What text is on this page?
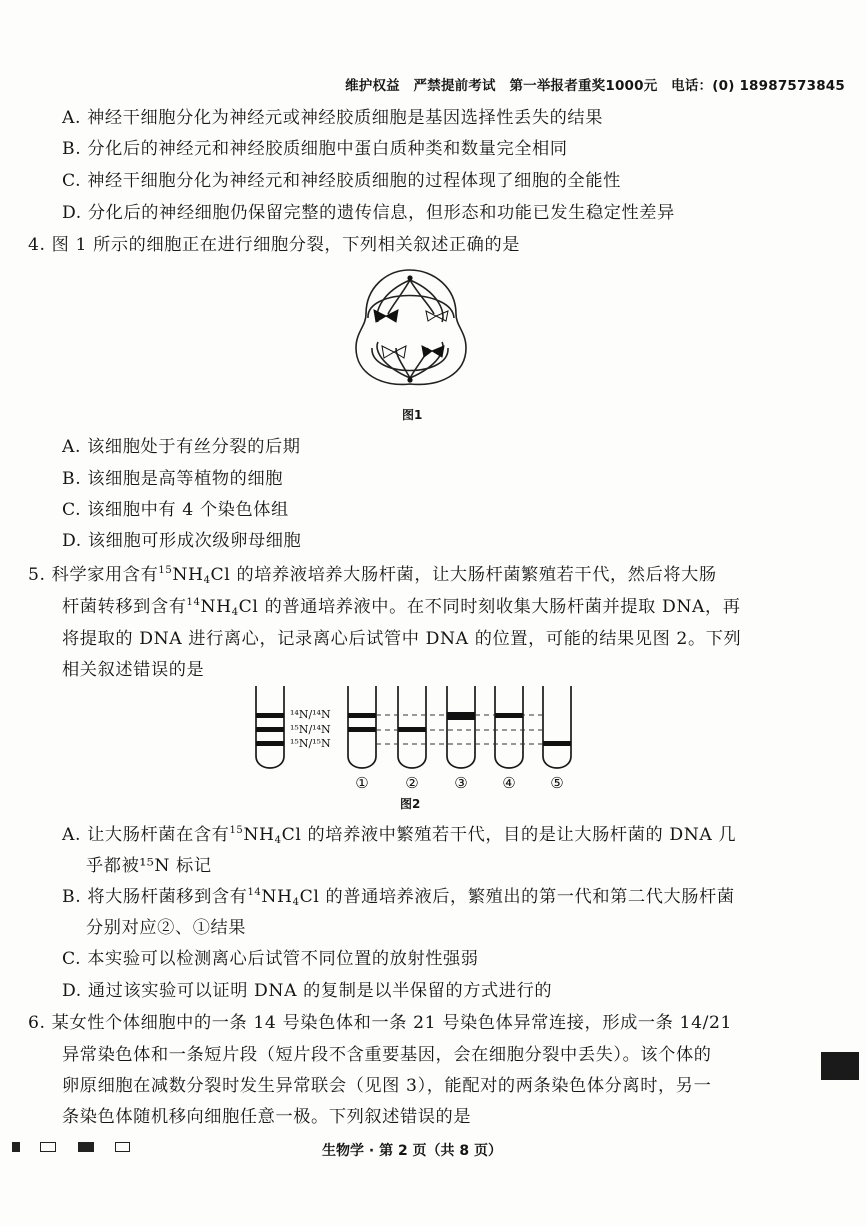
维护权益　严禁提前考试　第一举报者重奖1000元　电话：(0) 18987573845
A. 神经干细胞分化为神经元或神经胶质细胞是基因选择性丢失的结果
B. 分化后的神经元和神经胶质细胞中蛋白质种类和数量完全相同
C. 神经干细胞分化为神经元和神经胶质细胞的过程体现了细胞的全能性
D. 分化后的神经细胞仍保留完整的遗传信息，但形态和功能已发生稳定性差异
4. 图 1 所示的细胞正在进行细胞分裂，下列相关叙述正确的是
图1
A. 该细胞处于有丝分裂的后期
B. 该细胞是高等植物的细胞
C. 该细胞中有 4 个染色体组
D. 该细胞可形成次级卵母细胞
5. 科学家用含有$^{15}NH_4Cl$ 的培养液培养大肠杆菌，让大肠杆菌繁殖若干代，然后将大肠
杆菌转移到含有$^{14}NH_4Cl$ 的普通培养液中。在不同时刻收集大肠杆菌并提取 DNA，再
将提取的 DNA 进行离心，记录离心后试管中 DNA 的位置，可能的结果见图 2。下列
相关叙述错误的是
¹⁴N/¹⁴N
¹⁵N/¹⁴N
¹⁵N/¹⁵N
① ② ③ ④ ⑤
图2
A. 让大肠杆菌在含有$^{15}NH_4Cl$ 的培养液中繁殖若干代，目的是让大肠杆菌的 DNA 几
乎都被¹⁵N 标记
B. 将大肠杆菌移到含有$^{14}NH_4Cl$ 的普通培养液后，繁殖出的第一代和第二代大肠杆菌
分别对应②、①结果
C. 本实验可以检测离心后试管不同位置的放射性强弱
D. 通过该实验可以证明 DNA 的复制是以半保留的方式进行的
6. 某女性个体细胞中的一条 14 号染色体和一条 21 号染色体异常连接，形成一条 14/21
异常染色体和一条短片段（短片段不含重要基因，会在细胞分裂中丢失）。该个体的
卵原细胞在减数分裂时发生异常联会（见图 3），能配对的两条染色体分离时，另一
条染色体随机移向细胞任意一极。下列叙述错误的是
生物学 · 第 2 页（共 8 页）
